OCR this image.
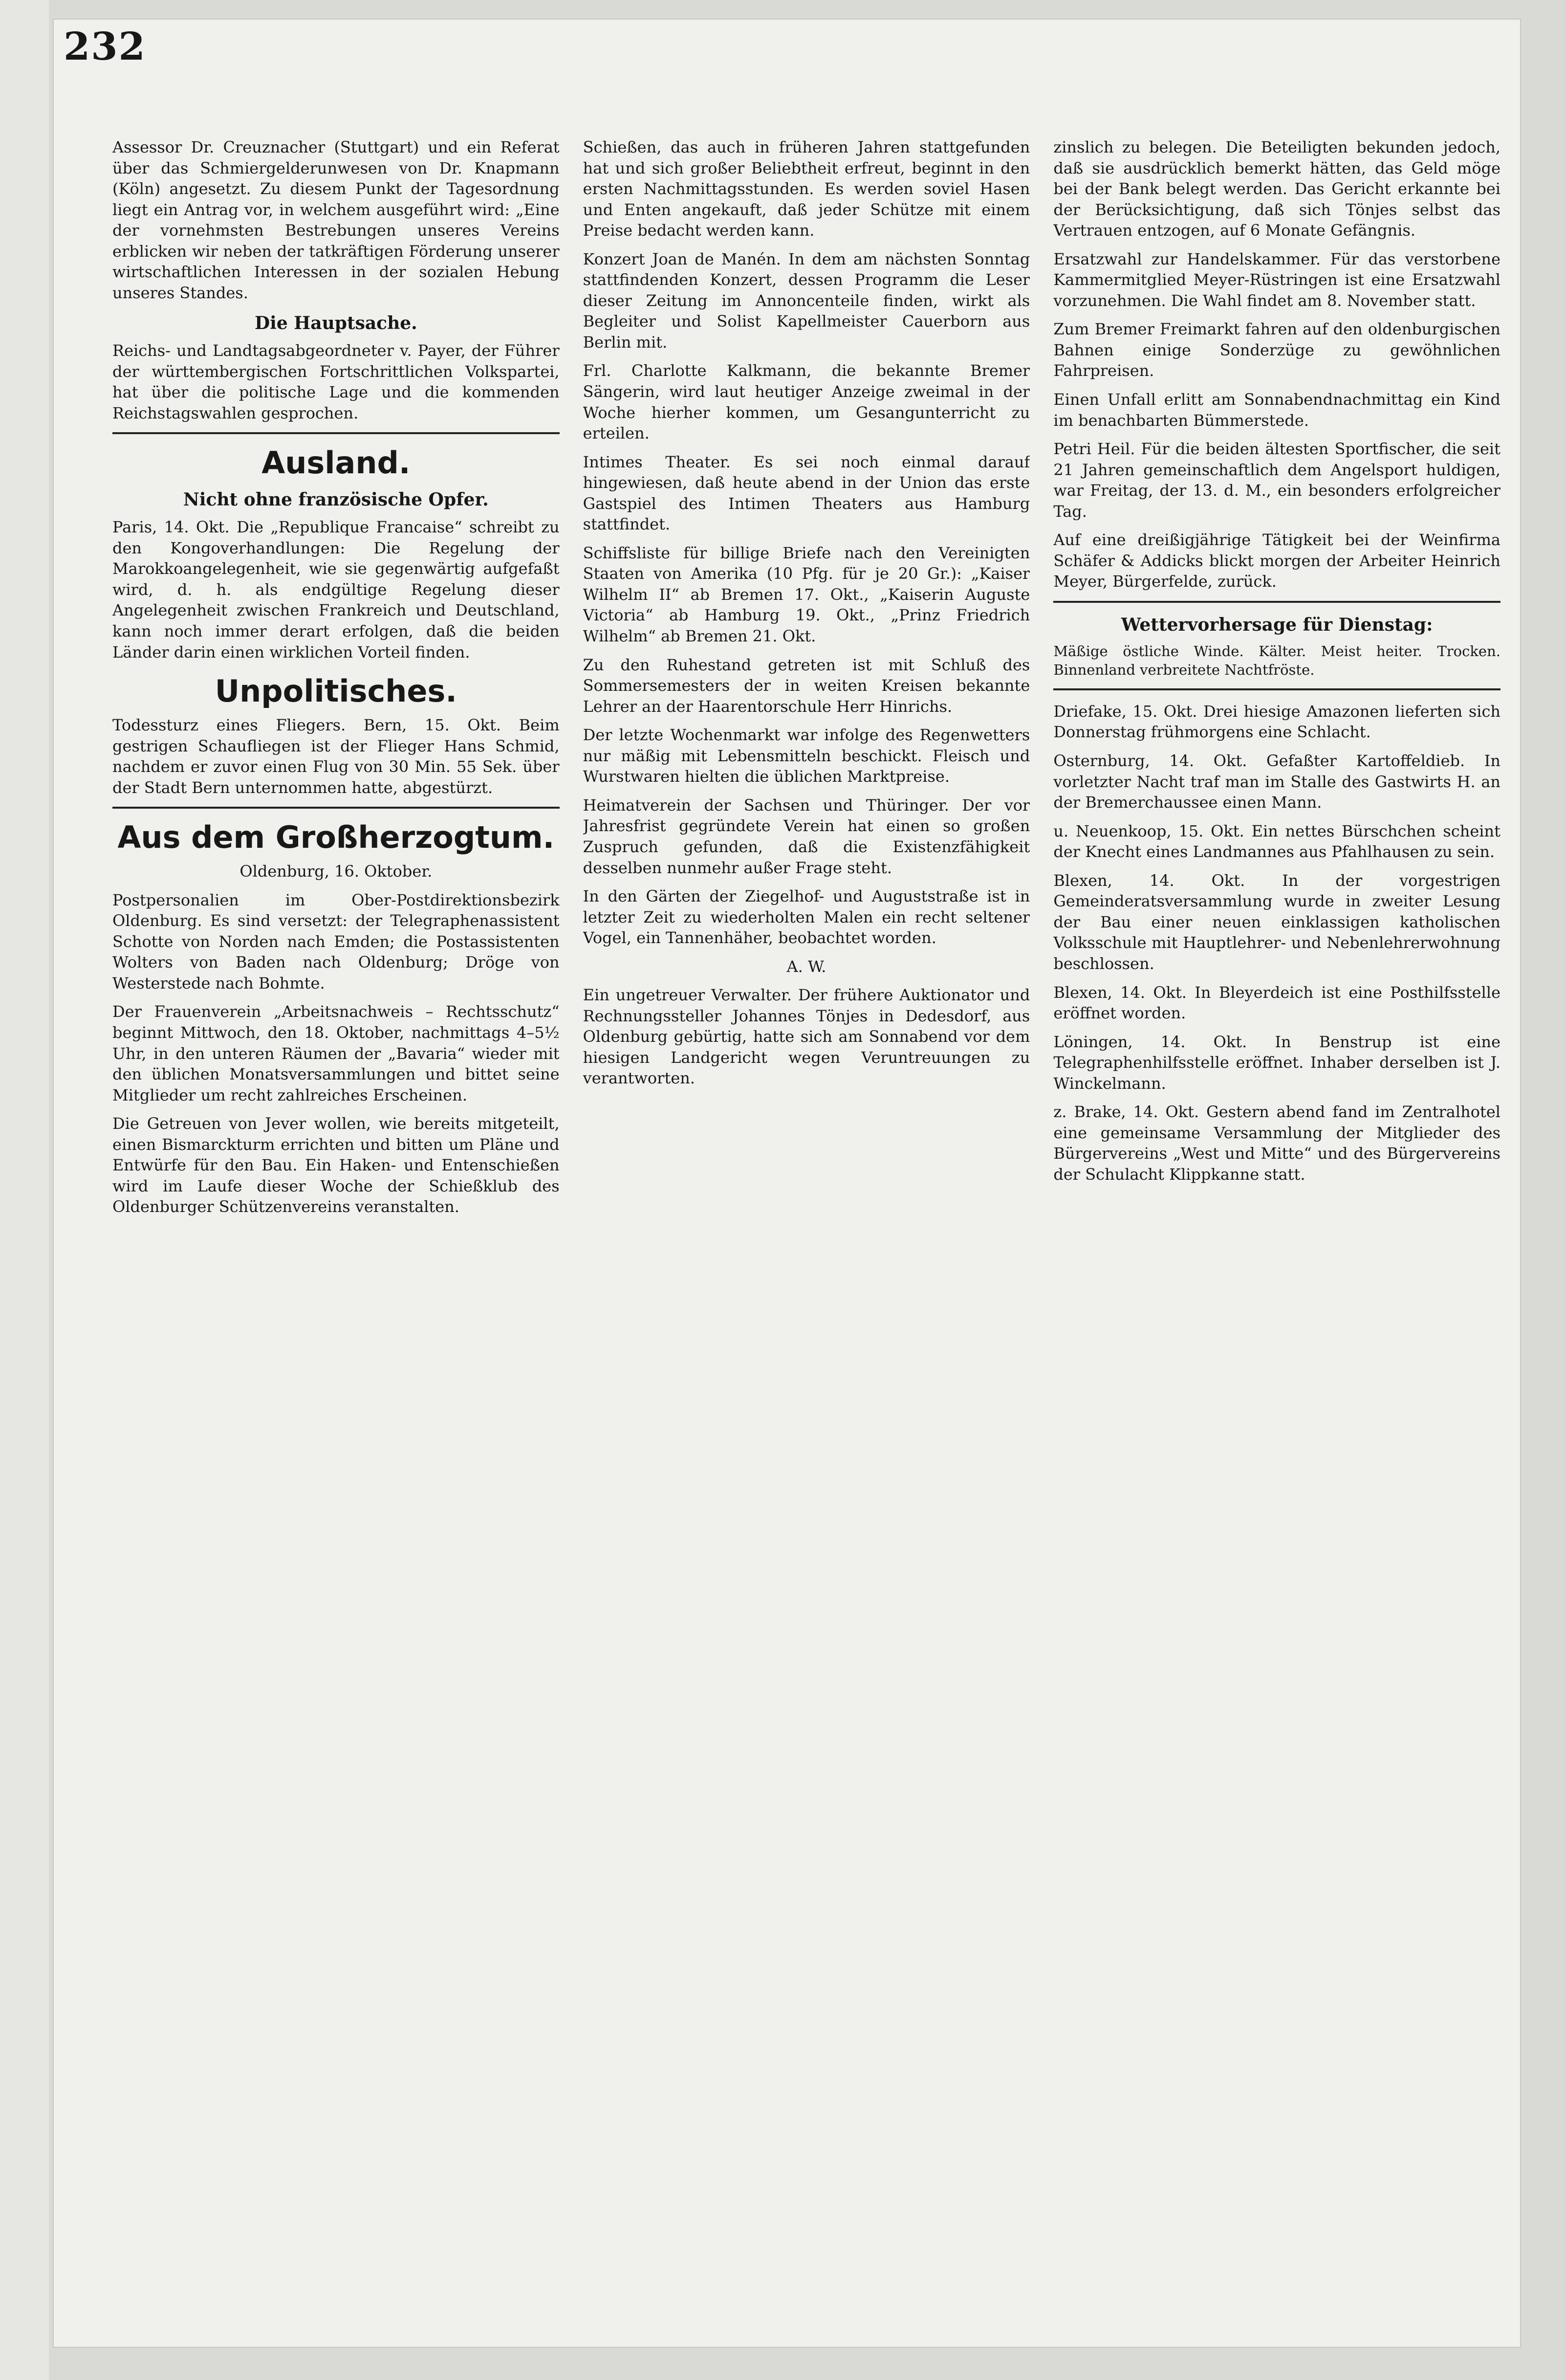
232

Assessor Dr. Creuznacher (Stuttgart) und ein Referat über das Schmiergelderunwesen von Dr. Knapmann (Köln) angesetzt. Zu diesem Punkt der Tagesordnung liegt ein Antrag vor, in welchem ausgeführt wird: „Eine der vornehmsten Bestrebungen unseres Vereins erblicken wir neben der tatkräftigen Förderung unserer wirtschaftlichen Interessen in der sozialen Hebung unseres Standes.

Die Hauptsache.

Reichs- und Landtagsabgeordneter v. Payer, der Führer der württembergischen Fortschrittlichen Volkspartei, hat über die politische Lage und die kommenden Reichstagswahlen gesprochen.

Ausland.
Nicht ohne französische Opfer.

Paris, 14. Okt. Die „Republique Francaise“ schreibt zu den Kongoverhandlungen: Die Regelung der Marokkoangelegenheit, wie sie gegenwärtig aufgefaßt wird, d. h. als endgültige Regelung dieser Angelegenheit zwischen Frankreich und Deutschland, kann noch immer derart erfolgen, daß die beiden Länder darin einen wirklichen Vorteil finden.

Unpolitisches.

Todessturz eines Fliegers. Bern, 15. Okt. Beim gestrigen Schaufliegen ist der Flieger Hans Schmid, nachdem er zuvor einen Flug von 30 Min. 55 Sek. über der Stadt Bern unternommen hatte, abgestürzt.

Aus dem Großherzogtum.

Oldenburg, 16. Oktober.

Postpersonalien im Ober-Postdirektionsbezirk Oldenburg. Es sind versetzt: der Telegraphenassistent Schotte von Norden nach Emden; die Postassistenten Wolters von Baden nach Oldenburg; Dröge von Westerstede nach Bohmte.

Der Frauenverein „Arbeitsnachweis – Rechtsschutz“ beginnt Mittwoch, den 18. Oktober, nachmittags 4–5½ Uhr, in den unteren Räumen der „Bavaria“ wieder mit den üblichen Monatsversammlungen und bittet seine Mitglieder um recht zahlreiches Erscheinen.

Die Getreuen von Jever wollen, wie bereits mitgeteilt, einen Bismarckturm errichten und bitten um Pläne und Entwürfe für den Bau. Ein Haken- und Entenschießen wird im Laufe dieser Woche der Schießklub des Oldenburger Schützenvereins veranstalten.

Schießen, das auch in früheren Jahren stattgefunden hat und sich großer Beliebtheit erfreut, beginnt in den ersten Nachmittagsstunden. Es werden soviel Hasen und Enten angekauft, daß jeder Schütze mit einem Preise bedacht werden kann.

Konzert Joan de Manén. In dem am nächsten Sonntag stattfindenden Konzert, dessen Programm die Leser dieser Zeitung im Annoncenteile finden, wirkt als Begleiter und Solist Kapellmeister Cauerborn aus Berlin mit.

Frl. Charlotte Kalkmann, die bekannte Bremer Sängerin, wird laut heutiger Anzeige zweimal in der Woche hierher kommen, um Gesangunterricht zu erteilen.

Intimes Theater. Es sei noch einmal darauf hingewiesen, daß heute abend in der Union das erste Gastspiel des Intimen Theaters aus Hamburg stattfindet.

Schiffsliste für billige Briefe nach den Vereinigten Staaten von Amerika (10 Pfg. für je 20 Gr.): „Kaiser Wilhelm II“ ab Bremen 17. Okt., „Kaiserin Auguste Victoria“ ab Hamburg 19. Okt., „Prinz Friedrich Wilhelm“ ab Bremen 21. Okt.

Zu den Ruhestand getreten ist mit Schluß des Sommersemesters der in weiten Kreisen bekannte Lehrer an der Haarentorschule Herr Hinrichs.

Der letzte Wochenmarkt war infolge des Regenwetters nur mäßig mit Lebensmitteln beschickt. Fleisch und Wurstwaren hielten die üblichen Marktpreise.

Heimatverein der Sachsen und Thüringer. Der vor Jahresfrist gegründete Verein hat einen so großen Zuspruch gefunden, daß die Existenzfähigkeit desselben nunmehr außer Frage steht.

In den Gärten der Ziegelhof- und Auguststraße ist in letzter Zeit zu wiederholten Malen ein recht seltener Vogel, ein Tannenhäher, beobachtet worden.

A. W.

Ein ungetreuer Verwalter. Der frühere Auktionator und Rechnungssteller Johannes Tönjes in Dedesdorf, aus Oldenburg gebürtig, hatte sich am Sonnabend vor dem hiesigen Landgericht wegen Veruntreuungen zu verantworten.

zinslich zu belegen. Die Beteiligten bekunden jedoch, daß sie ausdrücklich bemerkt hätten, das Geld möge bei der Bank belegt werden. Das Gericht erkannte bei der Berücksichtigung, daß sich Tönjes selbst das Vertrauen entzogen, auf 6 Monate Gefängnis.

Ersatzwahl zur Handelskammer. Für das verstorbene Kammermitglied Meyer-Rüstringen ist eine Ersatzwahl vorzunehmen. Die Wahl findet am 8. November statt.

Zum Bremer Freimarkt fahren auf den oldenburgischen Bahnen einige Sonderzüge zu gewöhnlichen Fahrpreisen.

Einen Unfall erlitt am Sonnabendnachmittag ein Kind im benachbarten Bümmerstede.

Petri Heil. Für die beiden ältesten Sportfischer, die seit 21 Jahren gemeinschaftlich dem Angelsport huldigen, war Freitag, der 13. d. M., ein besonders erfolgreicher Tag.

Auf eine dreißigjährige Tätigkeit bei der Weinfirma Schäfer & Addicks blickt morgen der Arbeiter Heinrich Meyer, Bürgerfelde, zurück.

Wettervorhersage für Dienstag:

Mäßige östliche Winde. Kälter. Meist heiter. Trocken. Binnenland verbreitete Nachtfröste.

Driefake, 15. Okt. Drei hiesige Amazonen lieferten sich Donnerstag frühmorgens eine Schlacht.

Osternburg, 14. Okt. Gefaßter Kartoffeldieb. In vorletzter Nacht traf man im Stalle des Gastwirts H. an der Bremerchaussee einen Mann.

u. Neuenkoop, 15. Okt. Ein nettes Bürschchen scheint der Knecht eines Landmannes aus Pfahlhausen zu sein.

Blexen, 14. Okt. In der vorgestrigen Gemeinderatsversammlung wurde in zweiter Lesung der Bau einer neuen einklassigen katholischen Volksschule mit Hauptlehrer- und Nebenlehrerwohnung beschlossen.

Blexen, 14. Okt. In Bleyerdeich ist eine Posthilfsstelle eröffnet worden.

Löningen, 14. Okt. In Benstrup ist eine Telegraphenhilfsstelle eröffnet. Inhaber derselben ist J. Winckelmann.

z. Brake, 14. Okt. Gestern abend fand im Zentralhotel eine gemeinsame Versammlung der Mitglieder des Bürgervereins „West und Mitte“ und des Bürgervereins der Schulacht Klippkanne statt.
